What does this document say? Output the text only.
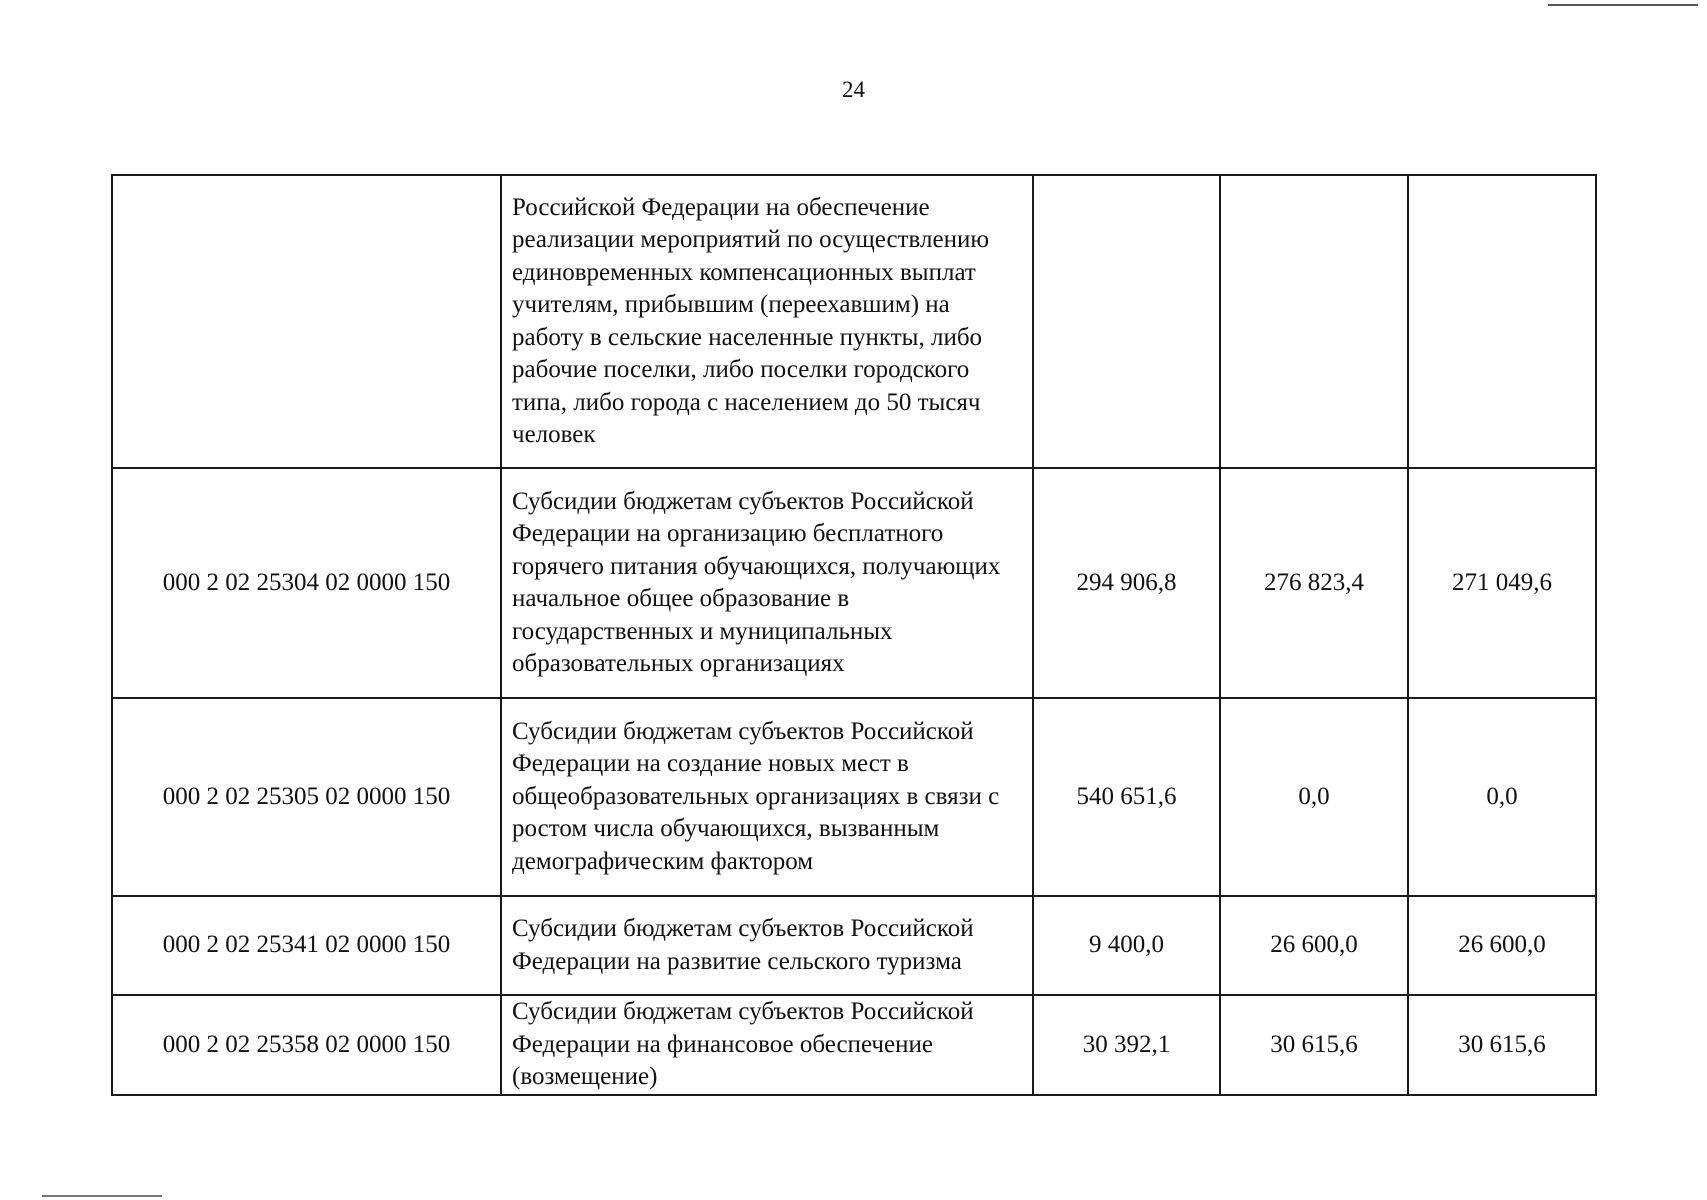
24
	Российской Федерации на обеспечение реализации мероприятий по осуществлению единовременных компенсационных выплат учителям, прибывшим (переехавшим) на работу в сельские населенные пункты, либо рабочие поселки, либо поселки городского типа, либо города с населением до 50 тысяч человек			
000 2 02 25304 02 0000 150	Субсидии бюджетам субъектов Российской Федерации на организацию бесплатного горячего питания обучающихся, получающих начальное общее образование в государственных и муниципальных образовательных организациях	294 906,8	276 823,4	271 049,6
000 2 02 25305 02 0000 150	Субсидии бюджетам субъектов Российской Федерации на создание новых мест в общеобразовательных организациях в связи с ростом числа обучающихся, вызванным демографическим фактором	540 651,6	0,0	0,0
000 2 02 25341 02 0000 150	Субсидии бюджетам субъектов Российской Федерации на развитие сельского туризма	9 400,0	26 600,0	26 600,0
000 2 02 25358 02 0000 150	Субсидии бюджетам субъектов Российской Федерации на финансовое обеспечение (возмещение)	30 392,1	30 615,6	30 615,6
